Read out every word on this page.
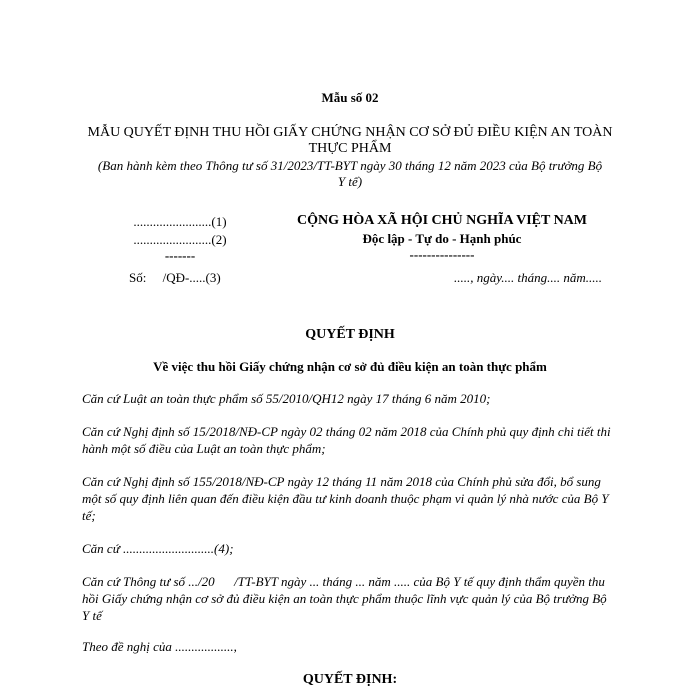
Mẫu số 02
MẪU QUYẾT ĐỊNH THU HỒI GIẤY CHỨNG NHẬN CƠ SỞ ĐỦ ĐIỀU KIỆN AN TOÀN
THỰC PHẨM
(Ban hành kèm theo Thông tư số 31/2023/TT-BYT ngày 30 tháng 12 năm 2023 của Bộ trưởng Bộ
Y tế)
........................(1)
........................(2)
-------
Số:     /QĐ-.....(3)
CỘNG HÒA XÃ HỘI CHỦ NGHĨA VIỆT NAM
Độc lập - Tự do - Hạnh phúc
---------------
....., ngày.... tháng.... năm.....
QUYẾT ĐỊNH
Về việc thu hồi Giấy chứng nhận cơ sở đủ điều kiện an toàn thực phẩm
Căn cứ Luật an toàn thực phẩm số 55/2010/QH12 ngày 17 tháng 6 năm 2010;
Căn cứ Nghị định số 15/2018/NĐ-CP ngày 02 tháng 02 năm 2018 của Chính phủ quy định chi tiết thi hành một số điều của Luật an toàn thực phẩm;
Căn cứ Nghị định số 155/2018/NĐ-CP ngày 12 tháng 11 năm 2018 của Chính phủ sửa đổi, bổ sung một số quy định liên quan đến điều kiện đầu tư kinh doanh thuộc phạm vi quản lý nhà nước của Bộ Y tế;
Căn cứ ............................(4);
Căn cứ Thông tư số .../20      /TT-BYT ngày ... tháng ... năm ..... của Bộ Y tế quy định thẩm quyền thu hồi Giấy chứng nhận cơ sở đủ điều kiện an toàn thực phẩm thuộc lĩnh vực quản lý của Bộ trưởng Bộ Y tế
Theo đề nghị của ..................,
QUYẾT ĐỊNH:
